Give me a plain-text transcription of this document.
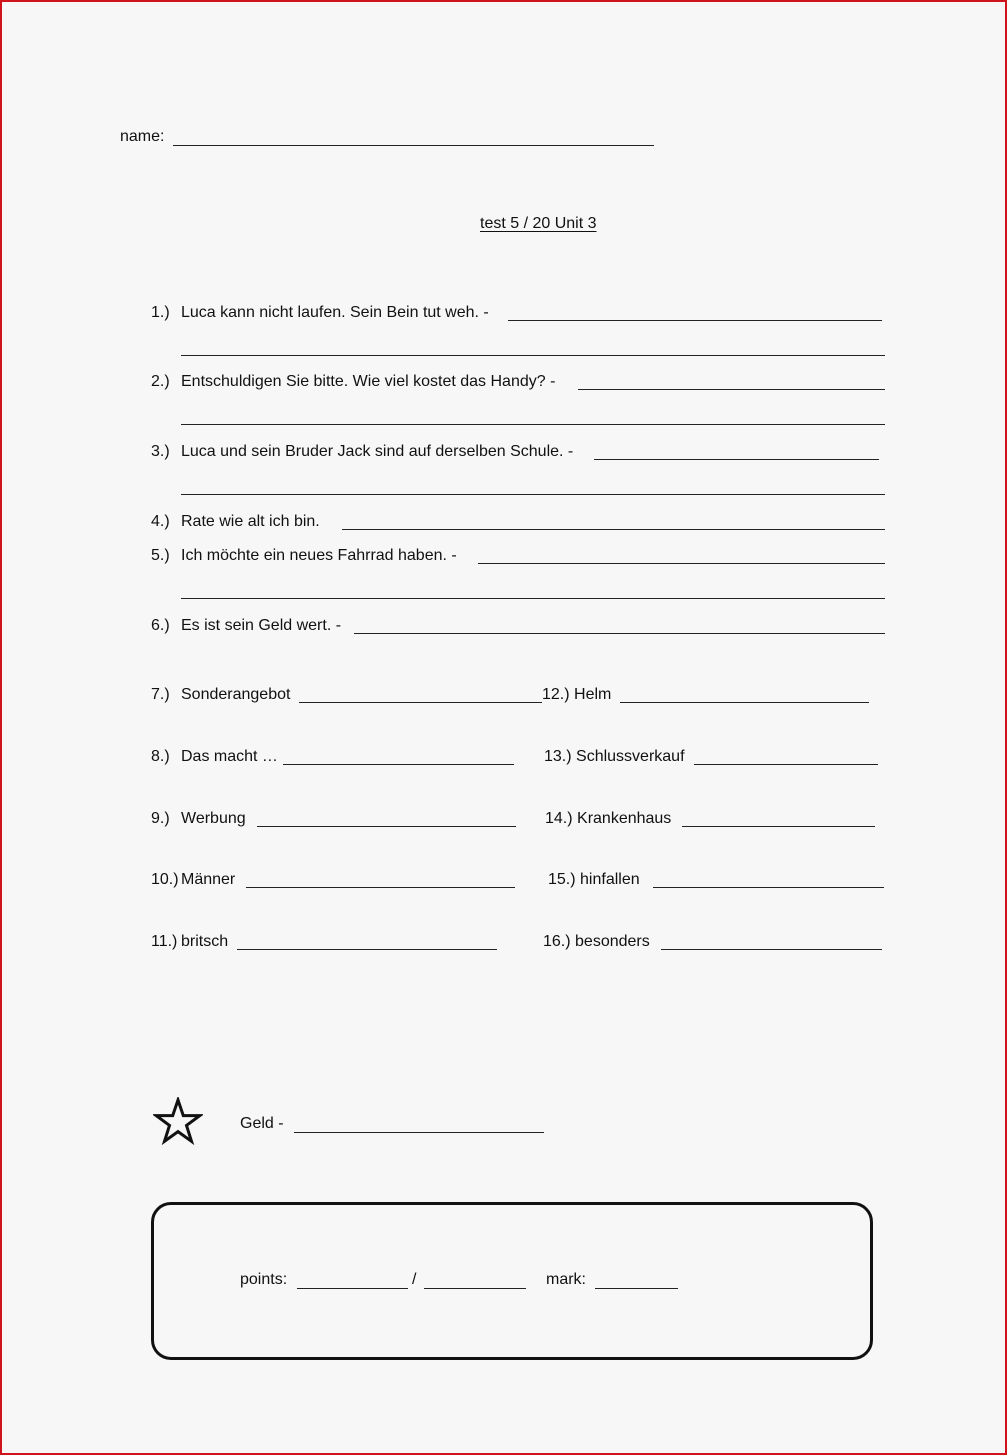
name:
test 5 / 20 Unit 3
1.) Luca kann nicht laufen. Sein Bein tut weh. -
2.) Entschuldigen Sie bitte. Wie viel kostet das Handy? -
3.) Luca und sein Bruder Jack sind auf derselben Schule. -
4.) Rate wie alt ich bin.
5.) Ich möchte ein neues Fahrrad haben. -
6.) Es ist sein Geld wert. -
7.) Sonderangebot
8.) Das macht …
9.) Werbung
10.) Männer
11.) britsch
12.) Helm
13.) Schlussverkauf
14.) Krankenhaus
15.) hinfallen
16.) besonders
Geld -
points:	/	mark:
